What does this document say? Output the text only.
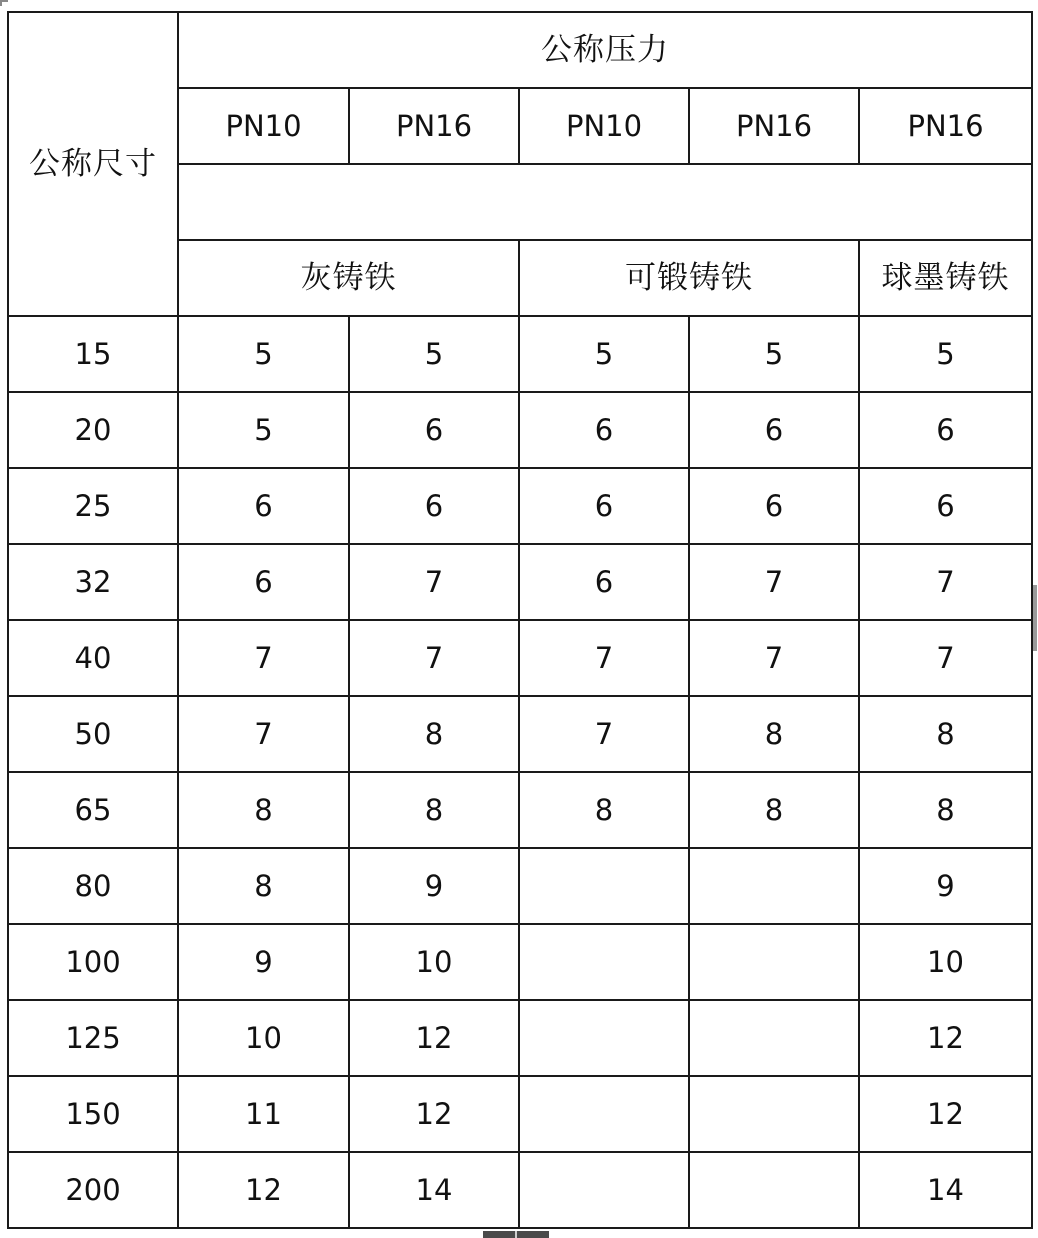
公称尺寸	公称压力				
	PN10	PN16	PN10	PN16	PN16

	灰铸铁		可锻铸铁		球墨铸铁
15	5	5	5	5	5
20	5	6	6	6	6
25	6	6	6	6	6
32	6	7	6	7	7
40	7	7	7	7	7
50	7	8	7	8	8
65	8	8	8	8	8
80	8	9			9
100	9	10			10
125	10	12			12
150	11	12			12
200	12	14			14
